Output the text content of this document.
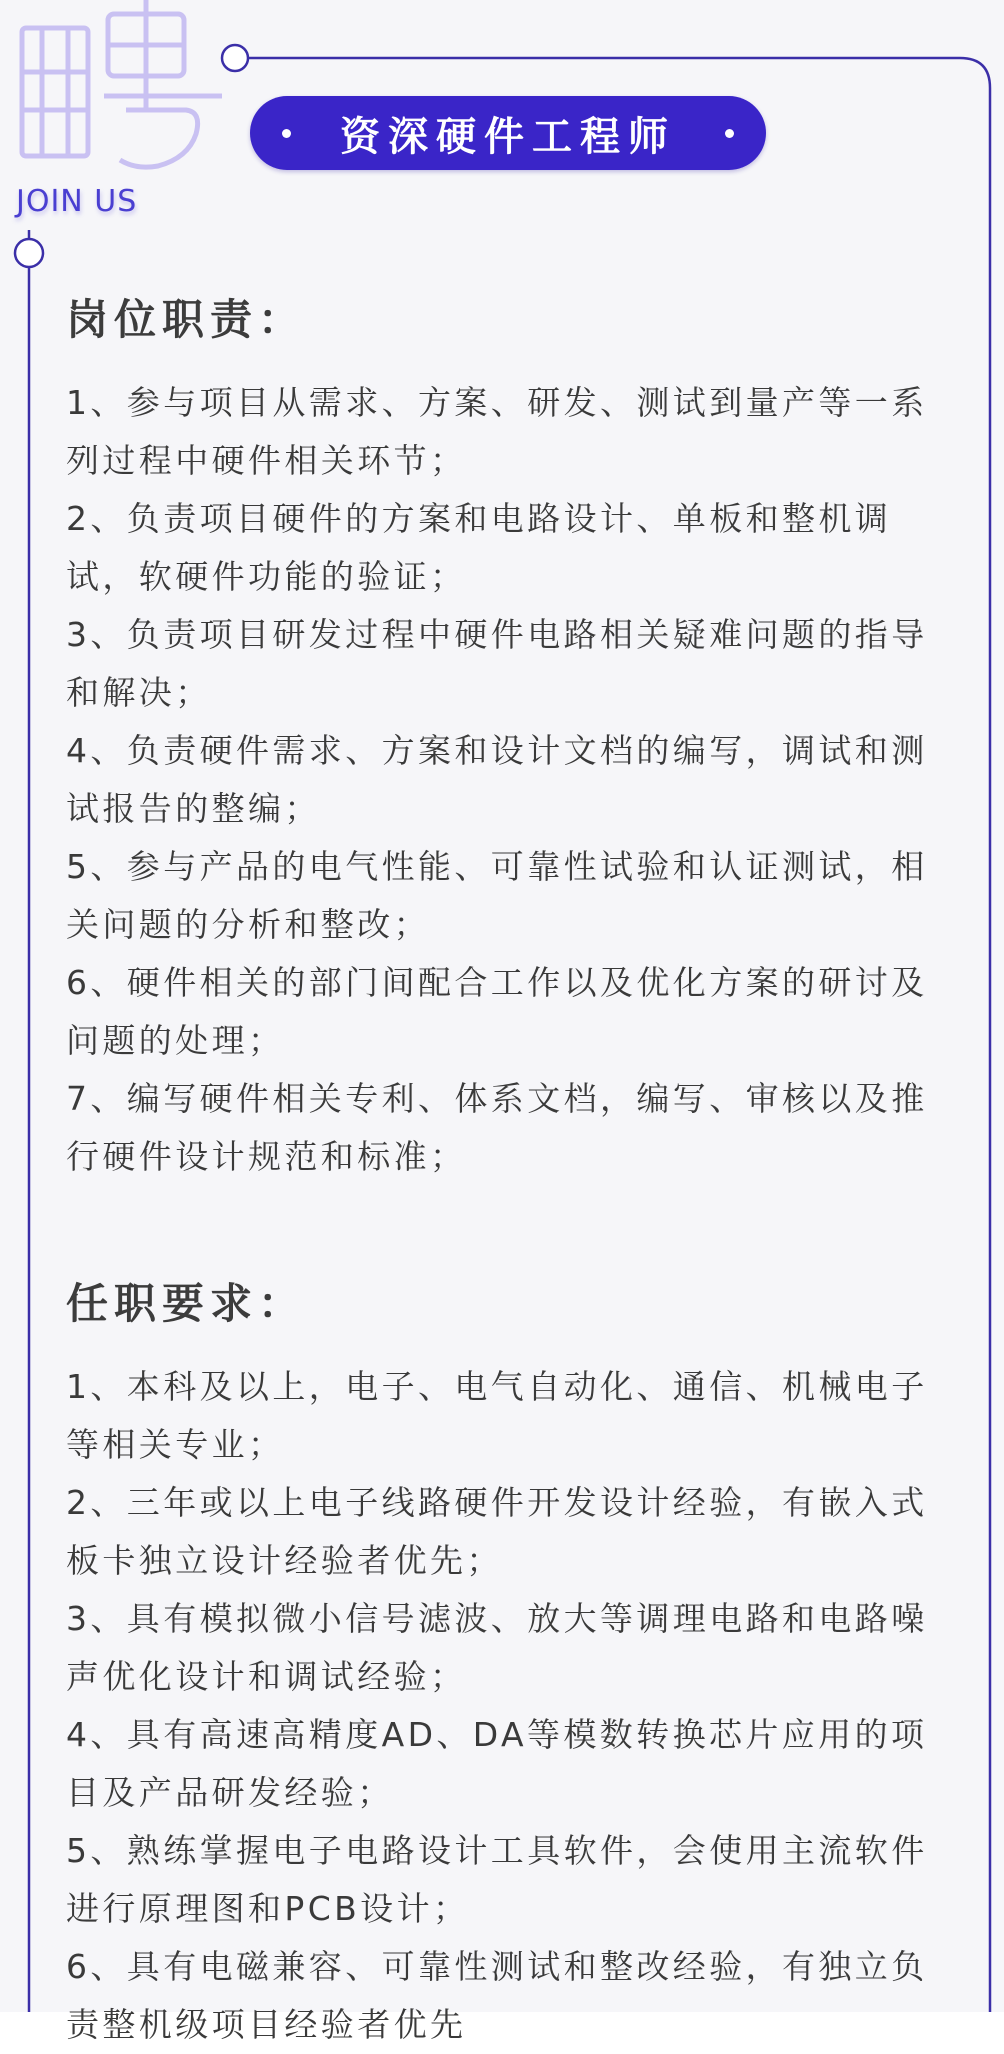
JOIN US
资深硬件工程师
岗位职责：

1、参与项目从需求、方案、研发、测试到量产等一系列过程中硬件相关环节；

2、负责项目硬件的方案和电路设计、单板和整机调试，软硬件功能的验证；

3、负责项目研发过程中硬件电路相关疑难问题的指导和解决；

4、负责硬件需求、方案和设计文档的编写，调试和测试报告的整编；

5、参与产品的电气性能、可靠性试验和认证测试，相关问题的分析和整改；

6、硬件相关的部门间配合工作以及优化方案的研讨及问题的处理；

7、编写硬件相关专利、体系文档，编写、审核以及推行硬件设计规范和标准；

任职要求：

1、本科及以上，电子、电气自动化、通信、机械电子等相关专业；

2、三年或以上电子线路硬件开发设计经验，有嵌入式板卡独立设计经验者优先；

3、具有模拟微小信号滤波、放大等调理电路和电路噪声优化设计和调试经验；

4、具有高速高精度AD、DA等模数转换芯片应用的项目及产品研发经验；

5、熟练掌握电子电路设计工具软件，会使用主流软件进行原理图和PCB设计；

6、具有电磁兼容、可靠性测试和整改经验，有独立负责整机级项目经验者优先
